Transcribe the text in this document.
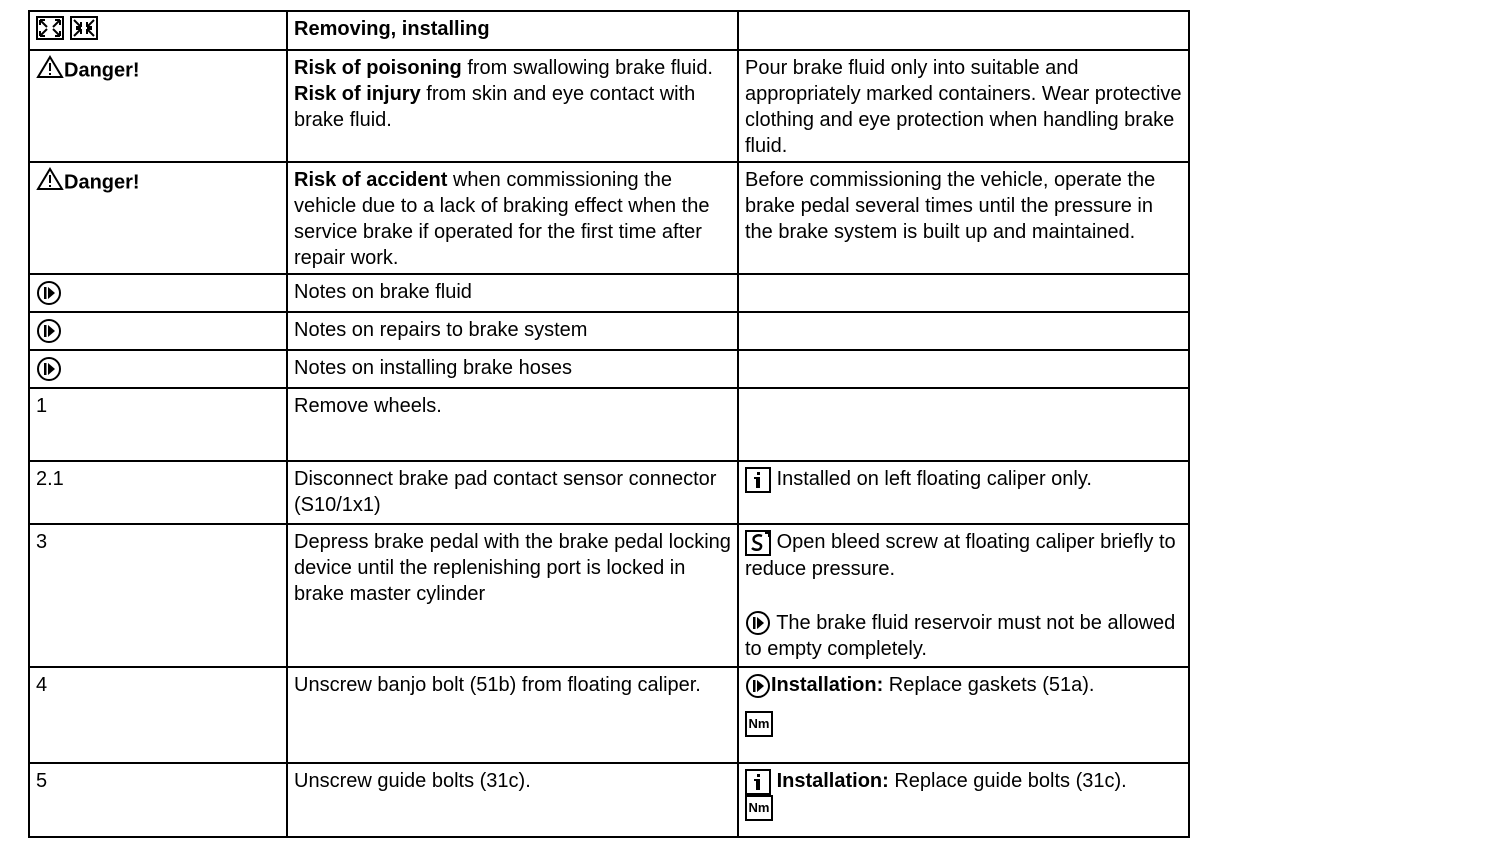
	Removing, installing	
Danger!	Risk of poisoning from swallowing brake fluid. Risk of injury from skin and eye contact with brake fluid.	Pour brake fluid only into suitable and appropriately marked containers. Wear protective clothing and eye protection when handling brake fluid.
Danger!	Risk of accident when commissioning the vehicle due to a lack of braking effect when the service brake if operated for the first time after repair work.	Before commissioning the vehicle, operate the brake pedal several times until the pressure in the brake system is built up and maintained.
	Notes on brake fluid	
	Notes on repairs to brake system	
	Notes on installing brake hoses	
1	Remove wheels.	
2.1	Disconnect brake pad contact sensor connector (S10/1x1)	Installed on left floating caliper only.
3	Depress brake pedal with the brake pedal locking device until the replenishing port is locked in brake master cylinder	Open bleed screw at floating caliper briefly to reduce pressure.

The brake fluid reservoir must not be allowed to empty completely.

4	Unscrew banjo bolt (51b) from floating caliper.	Installation: Replace gaskets (51a).

Nm
5	Unscrew guide bolts (31c).	Installation: Replace guide bolts (31c).

Nm
